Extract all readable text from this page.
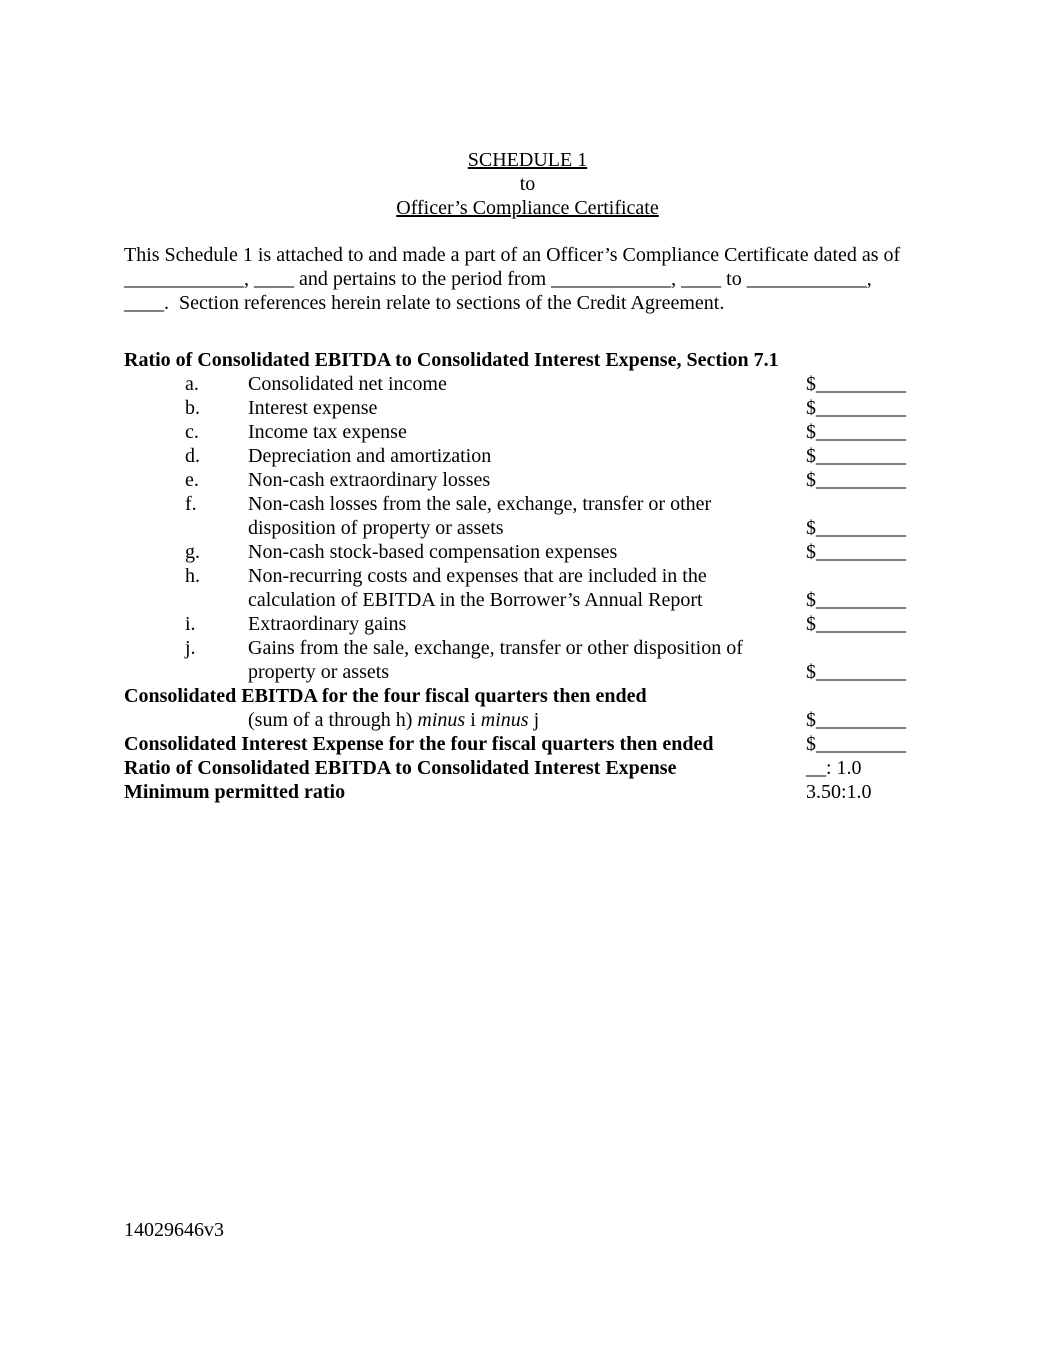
SCHEDULE 1
to
Officer’s Compliance Certificate
This Schedule 1 is attached to and made a part of an Officer’s Compliance Certificate dated as of
____________, ____ and pertains to the period from ____________, ____ to ____________,
____.  Section references herein relate to sections of the Credit Agreement.
Ratio of Consolidated EBITDA to Consolidated Interest Expense, Section 7.1
a. Consolidated net income	$_________
b. Interest expense	$_________
c. Income tax expense	$_________
d. Depreciation and amortization	$_________
e. Non-cash extraordinary losses	$_________
f.	Non-cash losses from the sale, exchange, transfer or other
disposition of property or assets	$_________
g. Non-cash stock-based compensation expenses	$_________
h. Non-recurring costs and expenses that are included in the
calculation of EBITDA in the Borrower’s Annual Report	$_________
i.	Extraordinary gains	$_________
j.	Gains from the sale, exchange, transfer or other disposition of
property or assets	$_________
Consolidated EBITDA for the four fiscal quarters then ended
(sum of a through h) minus i minus j	$_________
Consolidated Interest Expense for the four fiscal quarters then ended	$_________
Ratio of Consolidated EBITDA to Consolidated Interest Expense	__: 1.0
Minimum permitted ratio	3.50:1.0
14029646v3
